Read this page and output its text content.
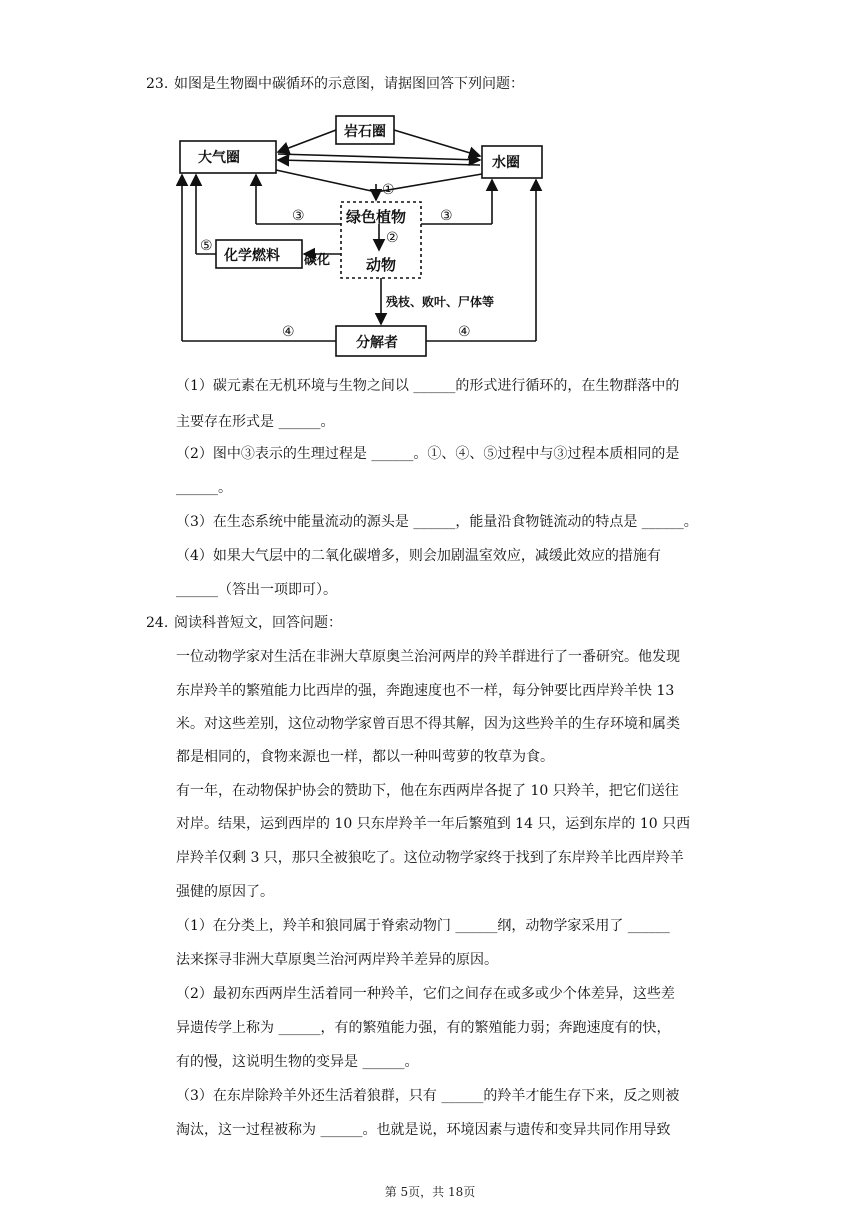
23. 如图是生物圈中碳循环的示意图，请据图回答下列问题：
岩石圈
大气圈	水圈
绿色植物
动物
化学燃料 碳化
分解者
残枝、败叶、尸体等
①
②
③	③
⑤
④	④
（1）碳元素在无机环境与生物之间以 ______的形式进行循环的，在生物群落中的
主要存在形式是 ______。
（2）图中③表示的生理过程是 ______。①、④、⑤过程中与③过程本质相同的是
______。
（3）在生态系统中能量流动的源头是 ______，能量沿食物链流动的特点是 ______。
（4）如果大气层中的二氧化碳增多，则会加剧温室效应，减缓此效应的措施有
______（答出一项即可）。
24. 阅读科普短文，回答问题：
一位动物学家对生活在非洲大草原奥兰治河两岸的羚羊群进行了一番研究。他发现
东岸羚羊的繁殖能力比西岸的强，奔跑速度也不一样，每分钟要比西岸羚羊快 13
米。对这些差别，这位动物学家曾百思不得其解，因为这些羚羊的生存环境和属类
都是相同的，食物来源也一样，都以一种叫莺萝的牧草为食。
有一年，在动物保护协会的赞助下，他在东西两岸各捉了 10 只羚羊，把它们送往
对岸。结果，运到西岸的 10 只东岸羚羊一年后繁殖到 14 只，运到东岸的 10 只西
岸羚羊仅剩 3 只，那只全被狼吃了。这位动物学家终于找到了东岸羚羊比西岸羚羊
强健的原因了。
（1）在分类上，羚羊和狼同属于脊索动物门 ______纲，动物学家采用了 ______
法来探寻非洲大草原奥兰治河两岸羚羊差异的原因。
（2）最初东西两岸生活着同一种羚羊，它们之间存在或多或少个体差异，这些差
异遗传学上称为 ______，有的繁殖能力强，有的繁殖能力弱；奔跑速度有的快，
有的慢，这说明生物的变异是 ______。
（3）在东岸除羚羊外还生活着狼群，只有 ______的羚羊才能生存下来，反之则被
淘汰，这一过程被称为 ______。也就是说，环境因素与遗传和变异共同作用导致
第 5页，共 18页
